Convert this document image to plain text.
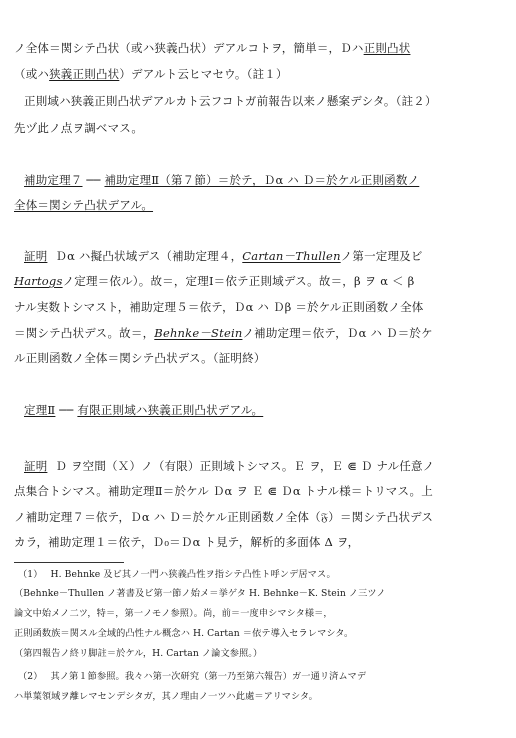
ノ全体＝関シテ凸状（或ハ狭義凸状）デアルコトヲ，簡単＝，Ｄハ正則凸状
（或ハ狭義正則凸状）デアルト云ヒマセウ。（註１）
正則域ハ狭義正則凸状デアルカト云フコトガ前報告以来ノ懸案デシタ。（註２）
先ヅ此ノ点ヲ調ベマス。
補助定理７ ── 補助定理Ⅱ（第７節）＝於テ，Ｄα ハ Ｄ＝於ケル正則函数ノ
全体＝関シテ凸状デアル。
証明 Ｄα ハ擬凸状域デス（補助定理４，Cartan－Thullenノ第一定理及ビ
Hartogsノ定理＝依ル）。故＝，定理Ⅰ＝依テ正則域デス。故＝，β ヲ α ＜ β
ナル実数トシマスト，補助定理５＝依テ，Ｄα ハ Ｄβ ＝於ケル正則函数ノ全体
＝関シテ凸状デス。故＝，Behnke－Steinノ補助定理＝依テ，Ｄα ハ Ｄ＝於ケ
ル正則函数ノ全体＝関シテ凸状デス。（証明終）
定理Ⅱ ── 有限正則域ハ狭義正則凸状デアル。
証明 Ｄ ヲ空間（Ｘ）ノ（有限）正則域トシマス。Ｅ ヲ，Ｅ ⋐ Ｄ ナル任意ノ
点集合トシマス。補助定理Ⅱ＝於ケル Ｄα ヲ Ｅ ⋐ Ｄα トナル様＝トリマス。上
ノ補助定理７＝依テ，Ｄα ハ Ｄ＝於ケル正則函数ノ全体（𝔉）＝関シテ凸状デス
カラ，補助定理１＝依テ，Ｄ₀＝Ｄα ト見テ，解析的多面体 Δ ヲ，
（1） H. Behnke 及ビ其ノ一門ハ狭義凸性ヲ指シテ凸性ト呼ンデ居マス。
（Behnke－Thullen ノ著書及ビ第一節ノ始メ＝挙ゲタ H. Behnke－K. Stein ノ三ツノ
論文中始メノ二ツ，特＝，第一ノモノ参照）。尚，前＝一度申シマシタ様＝，
正則函数族＝関スル全域的凸性ナル概念ハ H. Cartan ＝依テ導入セラレマシタ。
（第四報告ノ終リ脚註＝於ケル，H. Cartan ノ論文参照。）
（2） 其ノ第１節参照。我々ハ第一次研究（第一乃至第六報告）ガ一通リ済ムマデ
ハ単葉領域ヲ離レマセンデシタガ，其ノ理由ノ一ツハ此處＝アリマシタ。
